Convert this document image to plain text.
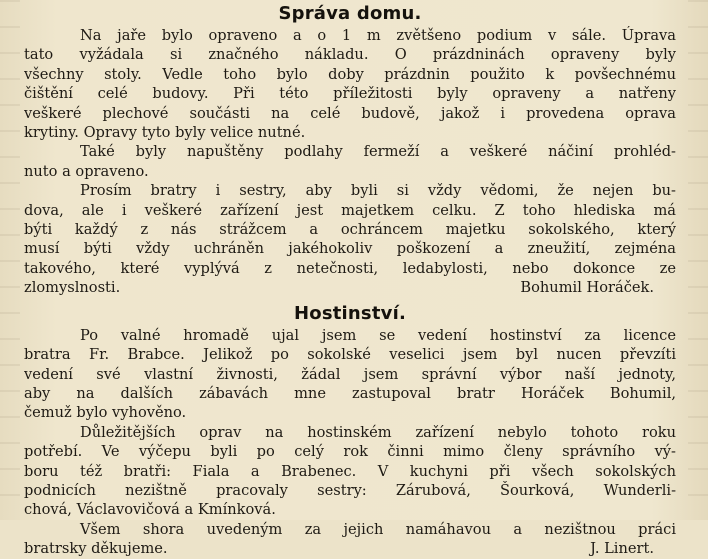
Správa domu.
Na jaře bylo opraveno a o 1 m zvětšeno podium v sále. Úprava
tato vyžádala si značného nákladu. O prázdninách opraveny byly
všechny stoly. Vedle toho bylo doby prázdnin použito k povšechnému
čištění celé budovy. Při této příležitosti byly opraveny a natřeny
veškeré plechové součásti na celé budově, jakož i provedena oprava
krytiny. Opravy tyto byly velice nutné.
Také byly napuštěny podlahy fermeží a veškeré náčiní prohléd-
nuto a opraveno.
Prosím bratry i sestry, aby byli si vždy vědomi, že nejen bu-
dova, ale i veškeré zařízení jest majetkem celku. Z toho hlediska má
býti každý z nás strážcem a ochráncem majetku sokolského, který
musí býti vždy uchráněn jakéhokoliv poškození a zneužití, zejména
takového, které vyplývá z netečnosti, ledabylosti, nebo dokonce ze
zlomyslnosti.	Bohumil Horáček.
Hostinství.
Po valné hromadě ujal jsem se vedení hostinství za licence
bratra Fr. Brabce. Jelikož po sokolské veselici jsem byl nucen převzíti
vedení své vlastní živnosti, žádal jsem správní výbor naší jednoty,
aby na dalších zábavách mne zastupoval bratr Horáček Bohumil,
čemuž bylo vyhověno.
Důležitějších oprav na hostinském zařízení nebylo tohoto roku
potřebí. Ve výčepu byli po celý rok činni mimo členy správního vý-
boru též bratři: Fiala a Brabenec. V kuchyni při všech sokolských
podnicích nezištně pracovaly sestry: Zárubová, Šourková, Wunderli-
chová, Václavovičová a Kmínková.
Všem shora uvedeným za jejich namáhavou a nezištnou práci
bratrsky děkujeme.	J. Linert.
